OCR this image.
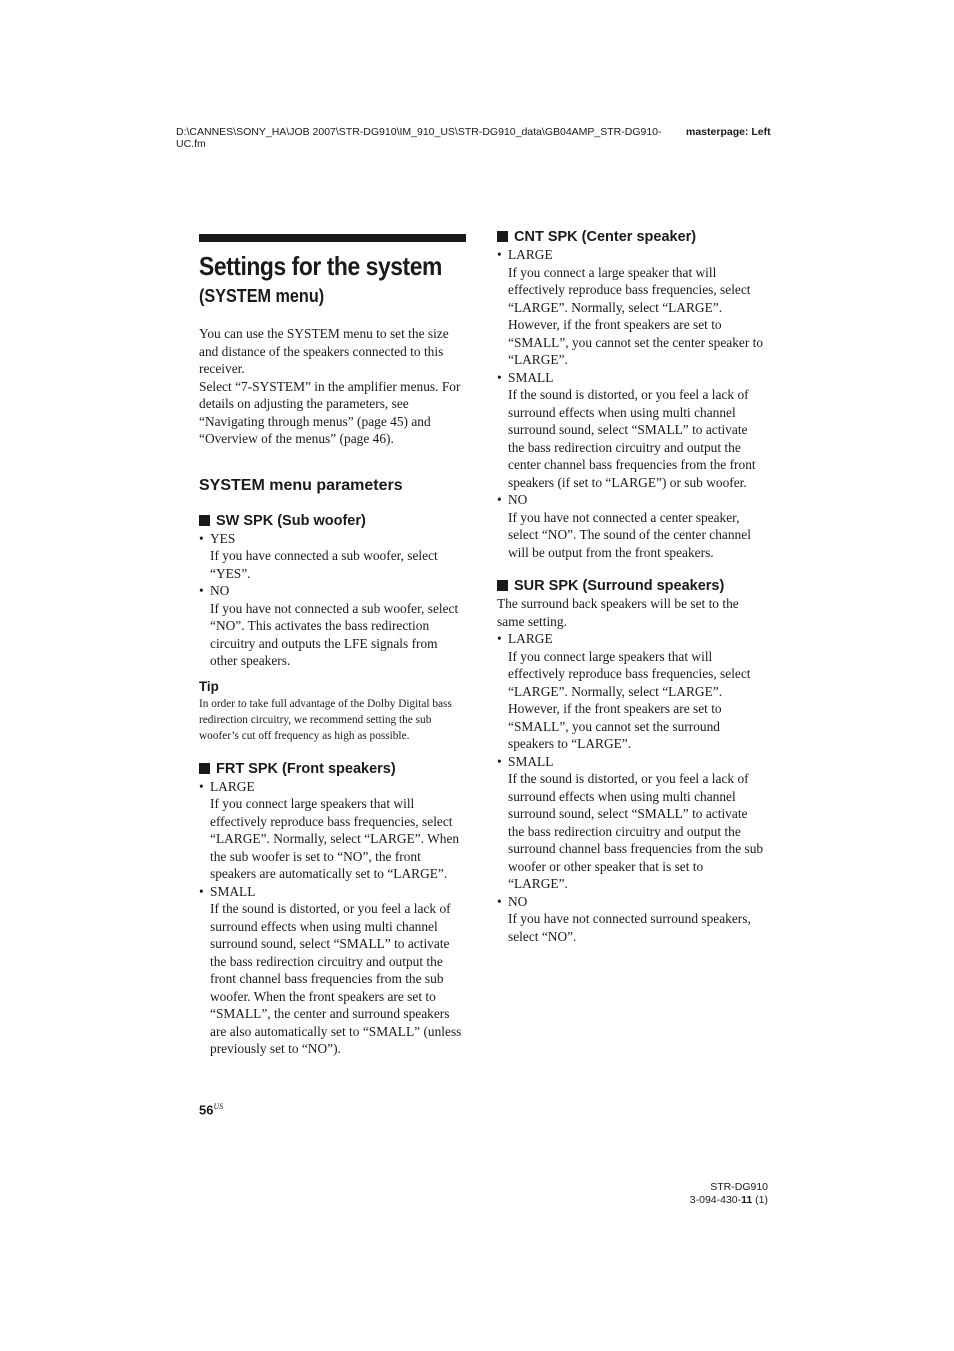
D:\CANNES\SONY_HA\JOB 2007\STR-DG910\IM_910_US\STR-DG910_data\GB04AMP_STR-DG910-UC.fm
masterpage: Left
Settings for the system
(SYSTEM menu)

You can use the SYSTEM menu to set the size and distance of the speakers connected to this receiver.

Select “7-SYSTEM” in the amplifier menus. For details on adjusting the parameters, see “Navigating through menus” (page 45) and “Overview of the menus” (page 46).

SYSTEM menu parameters
SW SPK (Sub woofer)
• YES
If you have connected a sub woofer, select “YES”.
• NO
If you have not connected a sub woofer, select “NO”. This activates the bass redirection circuitry and outputs the LFE signals from other speakers.
Tip
In order to take full advantage of the Dolby Digital bass redirection circuitry, we recommend setting the sub woofer’s cut off frequency as high as possible.
FRT SPK (Front speakers)
• LARGE
If you connect large speakers that will effectively reproduce bass frequencies, select “LARGE”. Normally, select “LARGE”. When the sub woofer is set to “NO”, the front speakers are automatically set to “LARGE”.
• SMALL
If the sound is distorted, or you feel a lack of surround effects when using multi channel surround sound, select “SMALL” to activate the bass redirection circuitry and output the front channel bass frequencies from the sub woofer. When the front speakers are set to “SMALL”, the center and surround speakers are also automatically set to “SMALL” (unless previously set to “NO”).
CNT SPK (Center speaker)
• LARGE
If you connect a large speaker that will effectively reproduce bass frequencies, select “LARGE”. Normally, select “LARGE”. However, if the front speakers are set to “SMALL”, you cannot set the center speaker to “LARGE”.
• SMALL
If the sound is distorted, or you feel a lack of surround effects when using multi channel surround sound, select “SMALL” to activate the bass redirection circuitry and output the center channel bass frequencies from the front speakers (if set to “LARGE”) or sub woofer.
• NO
If you have not connected a center speaker, select “NO”. The sound of the center channel will be output from the front speakers.
SUR SPK (Surround speakers)

The surround back speakers will be set to the same setting.

• LARGE
If you connect large speakers that will effectively reproduce bass frequencies, select “LARGE”. Normally, select “LARGE”. However, if the front speakers are set to “SMALL”, you cannot set the surround speakers to “LARGE”.
• SMALL
If the sound is distorted, or you feel a lack of surround effects when using multi channel surround sound, select “SMALL” to activate the bass redirection circuitry and output the surround channel bass frequencies from the sub woofer or other speaker that is set to “LARGE”.
• NO
If you have not connected surround speakers, select “NO”.
$56^{US}$
STR-DG910
3-094-430-11 (1)
